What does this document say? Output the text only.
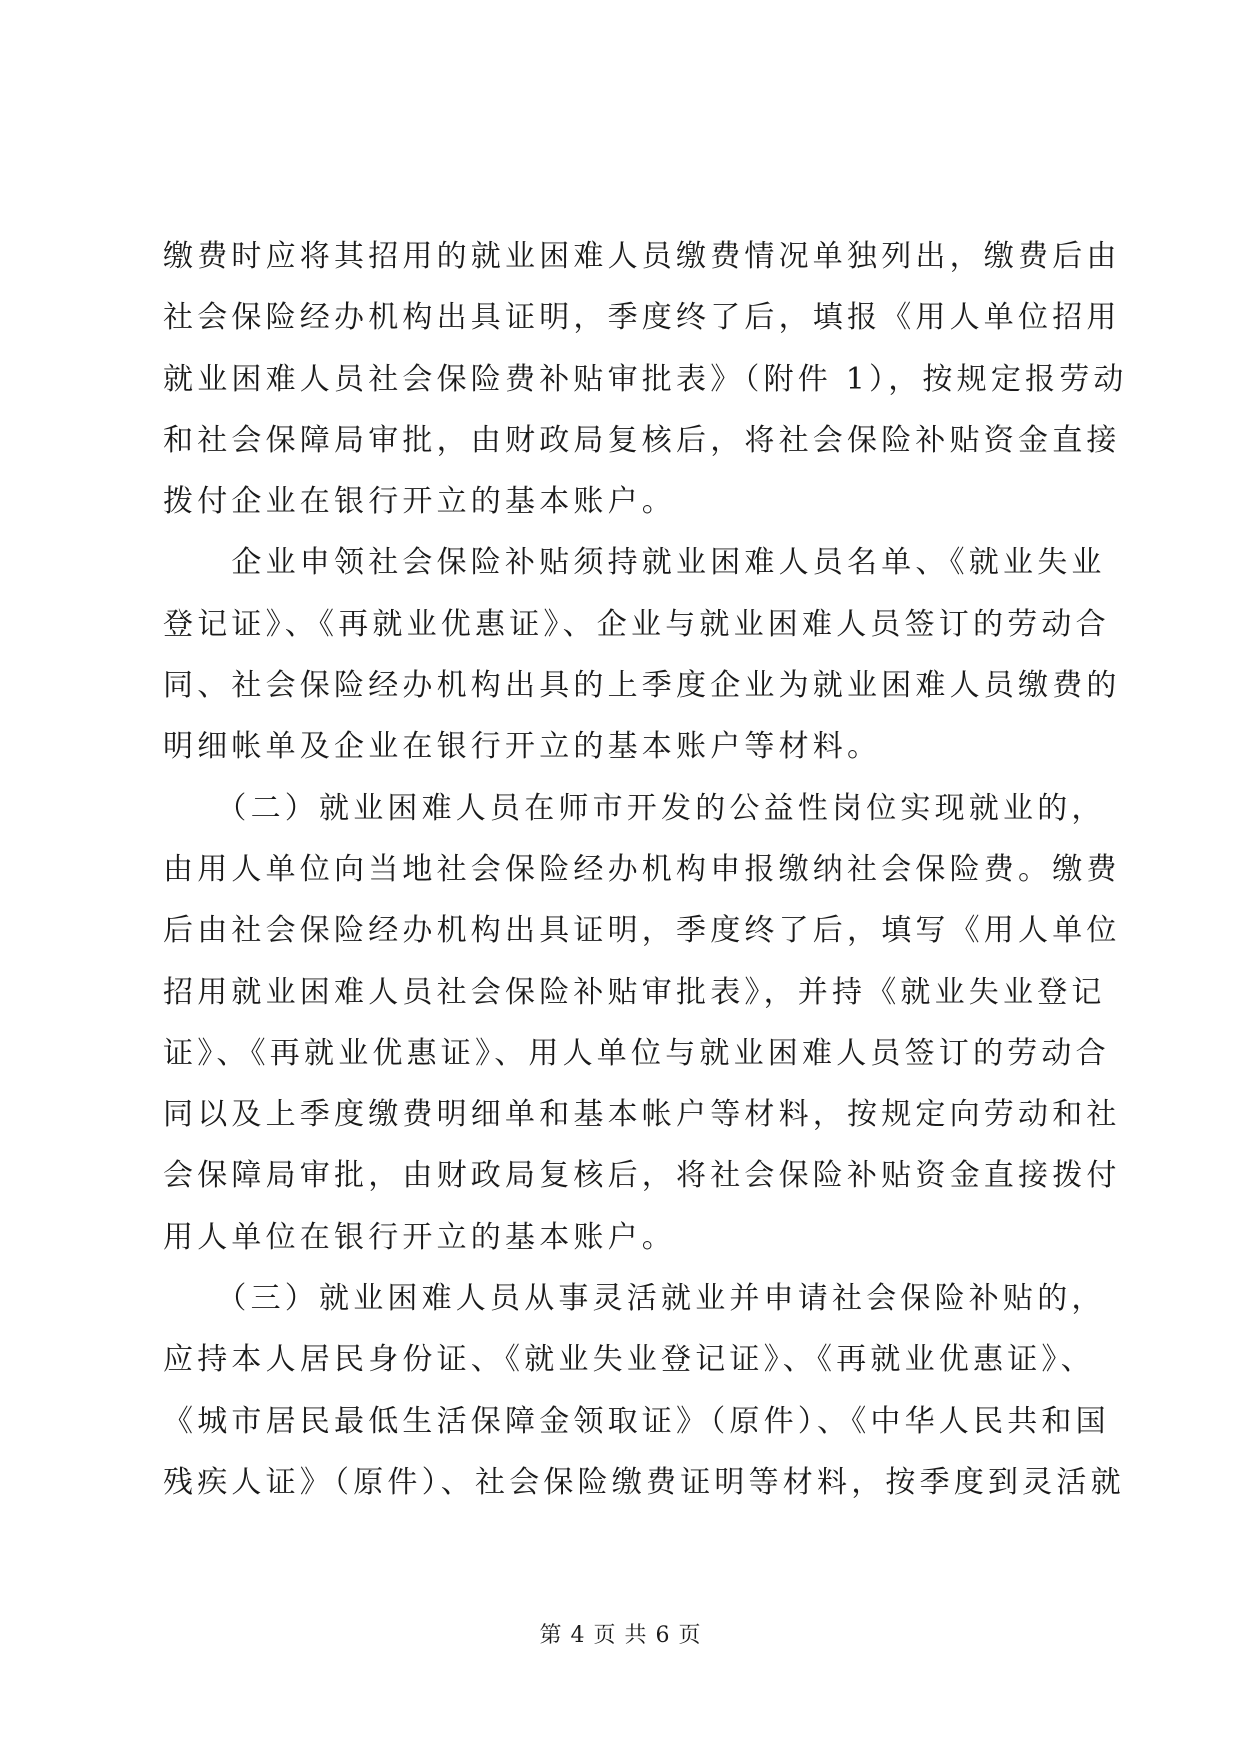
缴费时应将其招用的就业困难人员缴费情况单独列出，缴费后由
社会保险经办机构出具证明，季度终了后，填报《用人单位招用
就业困难人员社会保险费补贴审批表》（附件 1），按规定报劳动
和社会保障局审批，由财政局复核后，将社会保险补贴资金直接
拨付企业在银行开立的基本账户。
　　企业申领社会保险补贴须持就业困难人员名单、《就业失业
登记证》、《再就业优惠证》、企业与就业困难人员签订的劳动合
同、社会保险经办机构出具的上季度企业为就业困难人员缴费的
明细帐单及企业在银行开立的基本账户等材料。
　　（二）就业困难人员在师市开发的公益性岗位实现就业的，
由用人单位向当地社会保险经办机构申报缴纳社会保险费。缴费
后由社会保险经办机构出具证明，季度终了后，填写《用人单位
招用就业困难人员社会保险补贴审批表》，并持《就业失业登记
证》、《再就业优惠证》、用人单位与就业困难人员签订的劳动合
同以及上季度缴费明细单和基本帐户等材料，按规定向劳动和社
会保障局审批，由财政局复核后，将社会保险补贴资金直接拨付
用人单位在银行开立的基本账户。
　　（三）就业困难人员从事灵活就业并申请社会保险补贴的，
应持本人居民身份证、《就业失业登记证》、《再就业优惠证》、
《城市居民最低生活保障金领取证》（原件）、《中华人民共和国
残疾人证》（原件）、社会保险缴费证明等材料，按季度到灵活就
第 4 页 共 6 页
